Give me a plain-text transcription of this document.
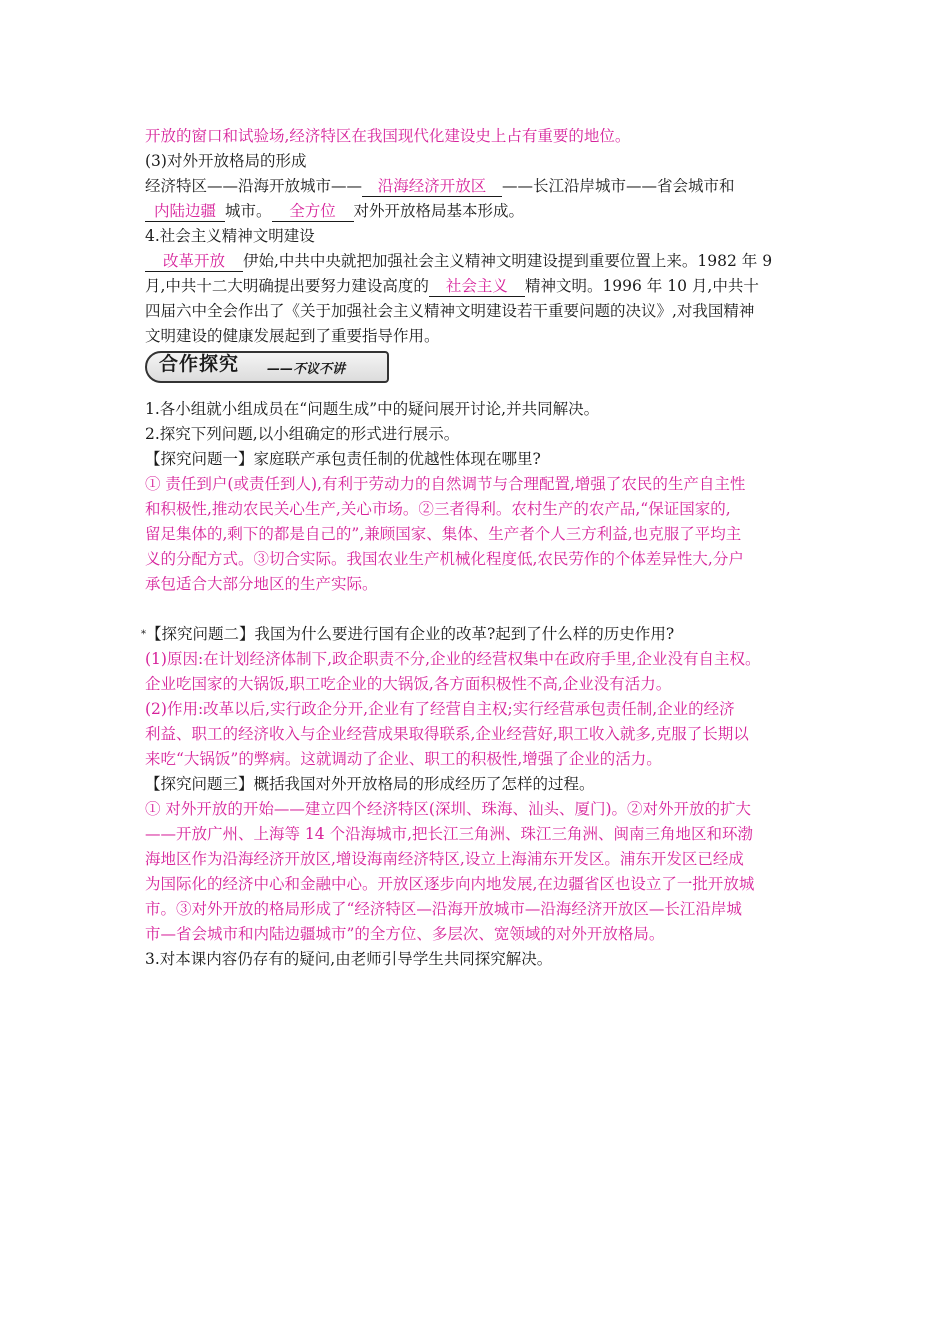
开放的窗口和试验场,经济特区在我国现代化建设史上占有重要的地位。
(3)对外开放格局的形成
经济特区——沿海开放城市—— 沿海经济开放区 ——长江沿岸城市——省会城市和
内陆边疆 城市。 全方位 对外开放格局基本形成。
4.社会主义精神文明建设
改革开放 伊始,中共中央就把加强社会主义精神文明建设提到重要位置上来。1982 年 9
月,中共十二大明确提出要努力建设高度的 社会主义 精神文明。1996 年 10 月,中共十
四届六中全会作出了《关于加强社会主义精神文明建设若干重要问题的决议》,对我国精神
文明建设的健康发展起到了重要指导作用。
合作探究 ——不议不讲
1.各小组就小组成员在“问题生成”中的疑问展开讨论,并共同解决。
2.探究下列问题,以小组确定的形式进行展示。
【探究问题一】家庭联产承包责任制的优越性体现在哪里?
① 责任到户(或责任到人),有利于劳动力的自然调节与合理配置,增强了农民的生产自主性
和积极性,推动农民关心生产,关心市场。②三者得利。农村生产的农产品,“保证国家的,
留足集体的,剩下的都是自己的”,兼顾国家、集体、生产者个人三方利益,也克服了平均主
义的分配方式。③切合实际。我国农业生产机械化程度低,农民劳作的个体差异性大,分户
承包适合大部分地区的生产实际。
*【探究问题二】我国为什么要进行国有企业的改革?起到了什么样的历史作用?
(1)原因:在计划经济体制下,政企职责不分,企业的经营权集中在政府手里,企业没有自主权。
企业吃国家的大锅饭,职工吃企业的大锅饭,各方面积极性不高,企业没有活力。
(2)作用:改革以后,实行政企分开,企业有了经营自主权;实行经营承包责任制,企业的经济
利益、职工的经济收入与企业经营成果取得联系,企业经营好,职工收入就多,克服了长期以
来吃“大锅饭”的弊病。这就调动了企业、职工的积极性,增强了企业的活力。
【探究问题三】概括我国对外开放格局的形成经历了怎样的过程。
① 对外开放的开始——建立四个经济特区(深圳、珠海、汕头、厦门)。②对外开放的扩大
——开放广州、上海等 14 个沿海城市,把长江三角洲、珠江三角洲、闽南三角地区和环渤
海地区作为沿海经济开放区,增设海南经济特区,设立上海浦东开发区。浦东开发区已经成
为国际化的经济中心和金融中心。开放区逐步向内地发展,在边疆省区也设立了一批开放城
市。③对外开放的格局形成了“经济特区—沿海开放城市—沿海经济开放区—长江沿岸城
市—省会城市和内陆边疆城市”的全方位、多层次、宽领域的对外开放格局。
3.对本课内容仍存有的疑问,由老师引导学生共同探究解决。
